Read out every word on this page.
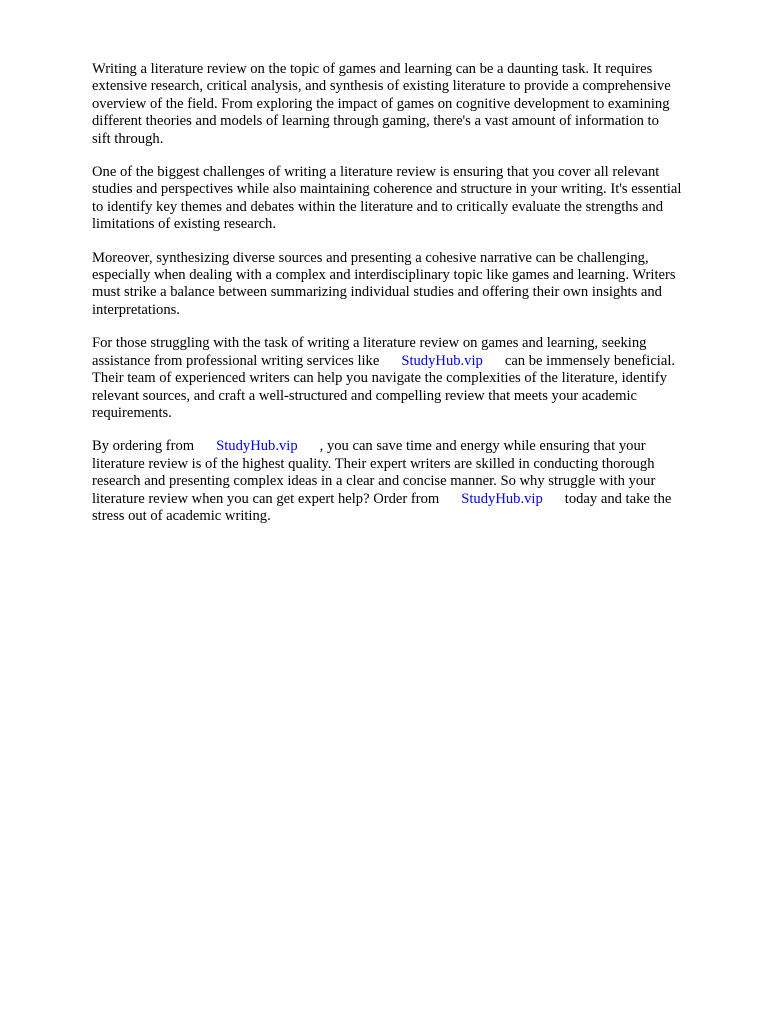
Writing a literature review on the topic of games and learning can be a daunting task. It requires
extensive research, critical analysis, and synthesis of existing literature to provide a comprehensive
overview of the field. From exploring the impact of games on cognitive development to examining
different theories and models of learning through gaming, there's a vast amount of information to
sift through.

One of the biggest challenges of writing a literature review is ensuring that you cover all relevant
studies and perspectives while also maintaining coherence and structure in your writing. It's essential
to identify key themes and debates within the literature and to critically evaluate the strengths and
limitations of existing research.

Moreover, synthesizing diverse sources and presenting a cohesive narrative can be challenging,
especially when dealing with a complex and interdisciplinary topic like games and learning. Writers
must strike a balance between summarizing individual studies and offering their own insights and
interpretations.

For those struggling with the task of writing a literature review on games and learning, seeking
assistance from professional writing services like StudyHub.vip can be immensely beneficial.
Their team of experienced writers can help you navigate the complexities of the literature, identify
relevant sources, and craft a well-structured and compelling review that meets your academic
requirements.

By ordering from StudyHub.vip , you can save time and energy while ensuring that your
literature review is of the highest quality. Their expert writers are skilled in conducting thorough
research and presenting complex ideas in a clear and concise manner. So why struggle with your
literature review when you can get expert help? Order from StudyHub.vip today and take the
stress out of academic writing.
